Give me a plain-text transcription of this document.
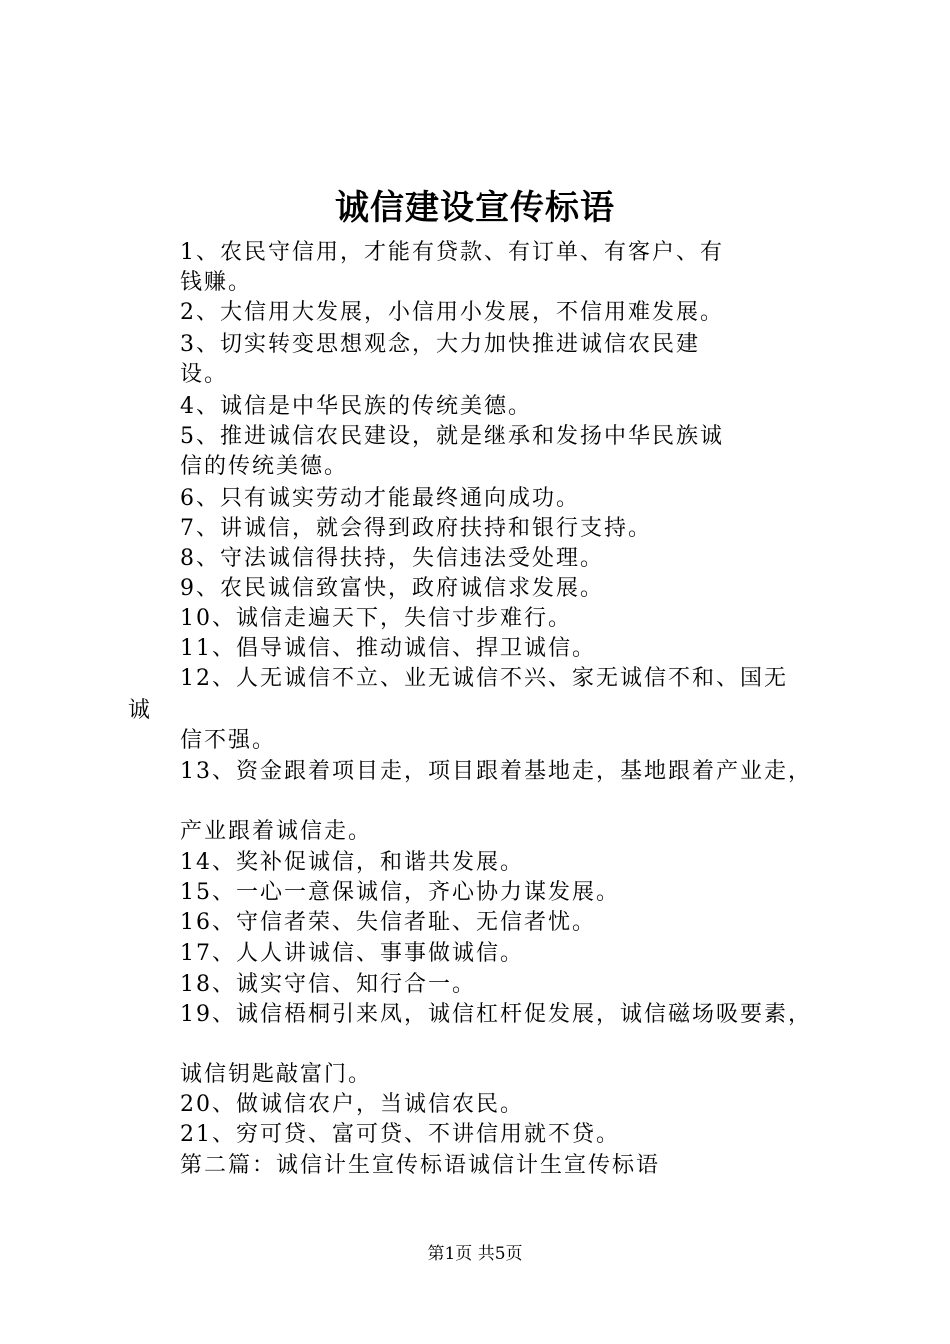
诚信建设宣传标语
1、农民守信用，才能有贷款、有订单、有客户、有
钱赚。
2、大信用大发展，小信用小发展，不信用难发展。
3、切实转变思想观念，大力加快推进诚信农民建
设。
4、诚信是中华民族的传统美德。
5、推进诚信农民建设，就是继承和发扬中华民族诚
信的传统美德。
6、只有诚实劳动才能最终通向成功。
7、讲诚信，就会得到政府扶持和银行支持。
8、守法诚信得扶持，失信违法受处理。
9、农民诚信致富快，政府诚信求发展。
10、诚信走遍天下，失信寸步难行。
11、倡导诚信、推动诚信、捍卫诚信。
12、人无诚信不立、业无诚信不兴、家无诚信不和、国无
诚
信不强。
13、资金跟着项目走，项目跟着基地走，基地跟着产业走，
产业跟着诚信走。
14、奖补促诚信，和谐共发展。
15、一心一意保诚信，齐心协力谋发展。
16、守信者荣、失信者耻、无信者忧。
17、人人讲诚信、事事做诚信。
18、诚实守信、知行合一。
19、诚信梧桐引来凤，诚信杠杆促发展，诚信磁场吸要素，
诚信钥匙敲富门。
20、做诚信农户，当诚信农民。
21、穷可贷、富可贷、不讲信用就不贷。
第二篇：诚信计生宣传标语诚信计生宣传标语
第1页 共5页
